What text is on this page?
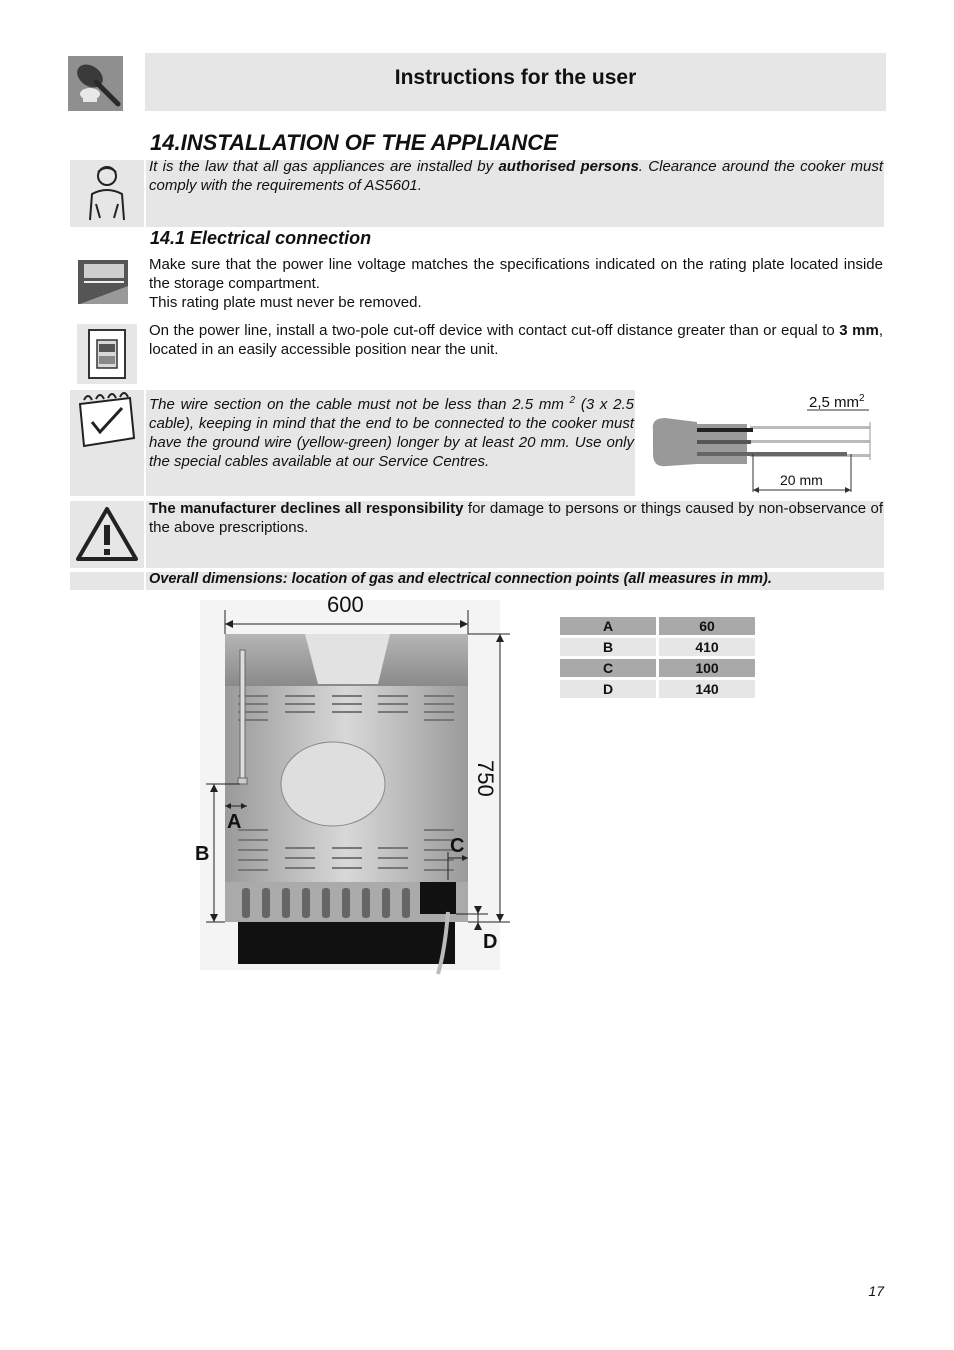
Instructions for the user
14.INSTALLATION OF THE APPLIANCE

It is the law that all gas appliances are installed by authorised persons. Clearance around the cooker must comply with the requirements of AS5601.

14.1 Electrical connection

Make sure that the power line voltage matches the specifications indicated on the rating plate located inside the storage compartment.

This rating plate must never be removed.

On the power line, install a two-pole cut-off device with contact cut-off distance greater than or equal to 3 mm, located in an easily accessible position near the unit.

The wire section on the cable must not be less than 2.5 mm $^2$ (3 x 2.5 cable), keeping in mind that the end to be connected to the cooker must have the ground wire (yellow-green) longer by at least 20 mm. Use only the special cables available at our Service Centres.

2,5 $mm^2$
20 mm

The manufacturer declines all responsibility for damage to persons or things caused by non-observance of the above prescriptions.

Overall dimensions: location of gas and electrical connection points (all measures in mm).

600
750
A
B	C
D
A	60
B	410
C	100
D	140
17
